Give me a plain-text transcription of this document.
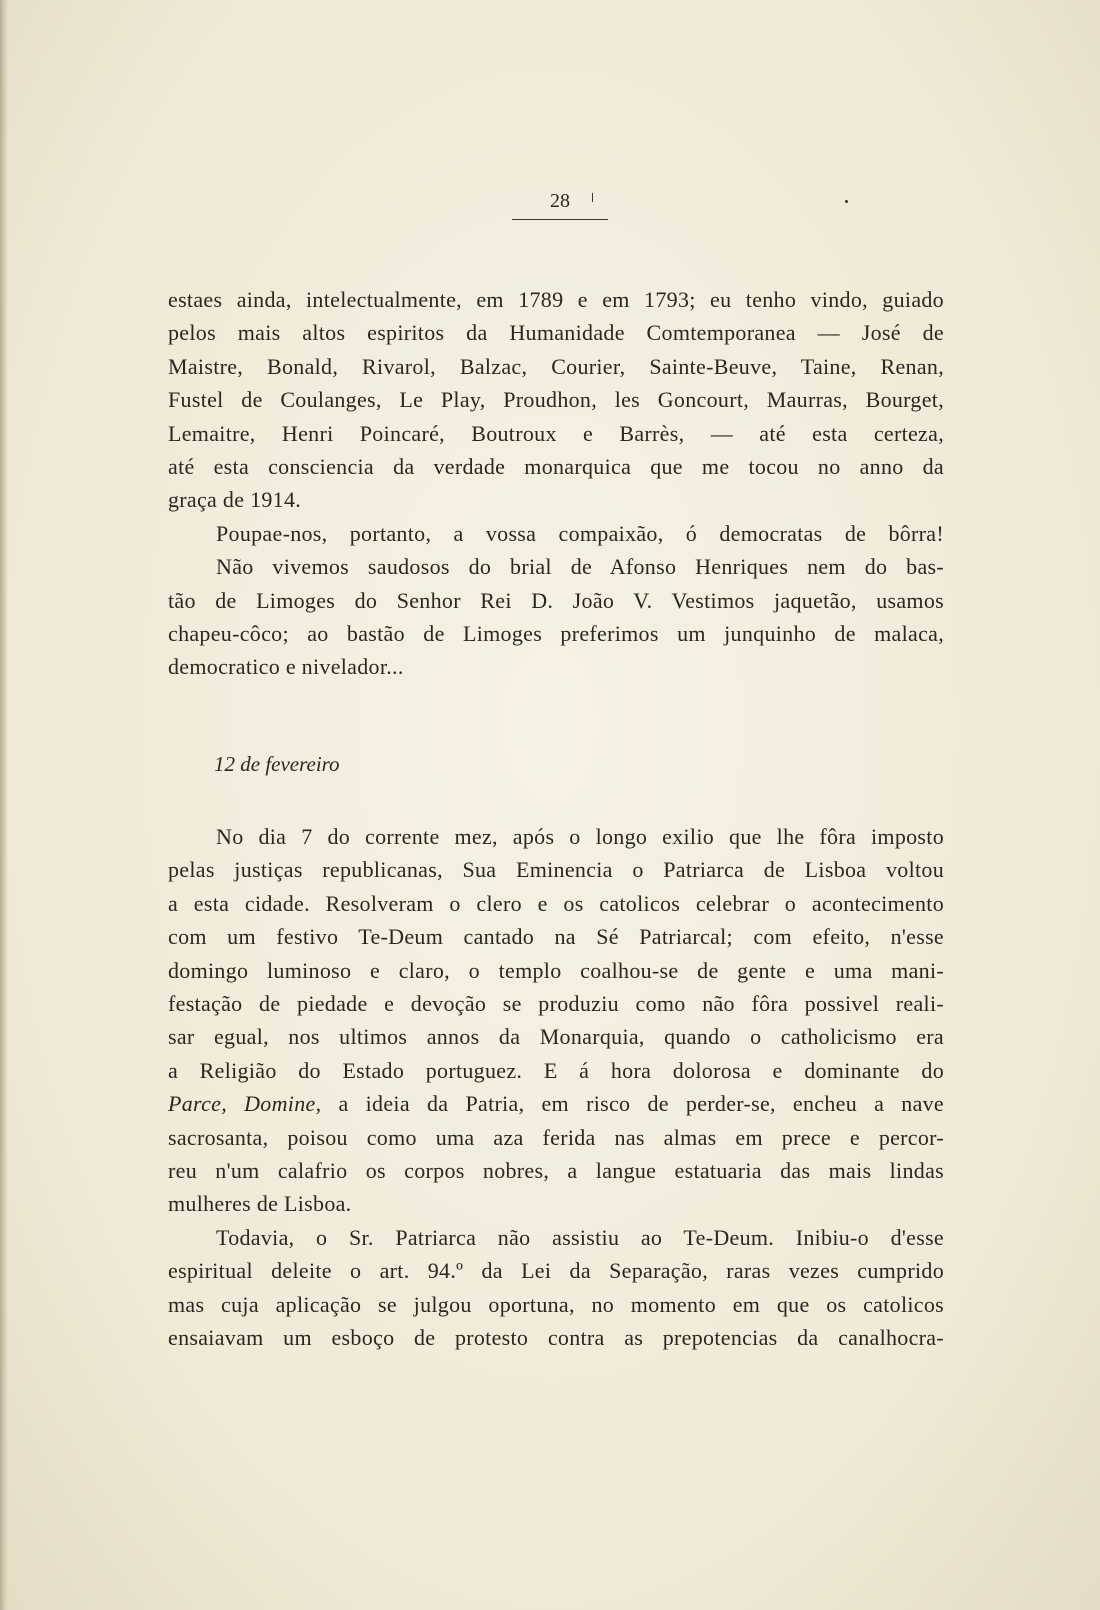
28
estaes ainda, intelectualmente, em 1789 e em 1793; eu tenho vindo, guiado
pelos mais altos espiritos da Humanidade Comtemporanea — José de
Maistre, Bonald, Rivarol, Balzac, Courier, Sainte-Beuve, Taine, Renan,
Fustel de Coulanges, Le Play, Proudhon, les Goncourt, Maurras, Bourget,
Lemaitre, Henri Poincaré, Boutroux e Barrès, — até esta certeza,
até esta consciencia da verdade monarquica que me tocou no anno da
graça de 1914.
Poupae-nos, portanto, a vossa compaixão, ó democratas de bôrra!
Não vivemos saudosos do brial de Afonso Henriques nem do bas-
tão de Limoges do Senhor Rei D. João V. Vestimos jaquetão, usamos
chapeu-côco; ao bastão de Limoges preferimos um junquinho de malaca,
democratico e nivelador...
12 de fevereiro
No dia 7 do corrente mez, após o longo exilio que lhe fôra imposto
pelas justiças republicanas, Sua Eminencia o Patriarca de Lisboa voltou
a esta cidade. Resolveram o clero e os catolicos celebrar o acontecimento
com um festivo Te-Deum cantado na Sé Patriarcal; com efeito, n'esse
domingo luminoso e claro, o templo coalhou-se de gente e uma mani-
festação de piedade e devoção se produziu como não fôra possivel reali-
sar egual, nos ultimos annos da Monarquia, quando o catholicismo era
a Religião do Estado portuguez. E á hora dolorosa e dominante do
Parce, Domine, a ideia da Patria, em risco de perder-se, encheu a nave
sacrosanta, poisou como uma aza ferida nas almas em prece e percor-
reu n'um calafrio os corpos nobres, a langue estatuaria das mais lindas
mulheres de Lisboa.
Todavia, o Sr. Patriarca não assistiu ao Te-Deum. Inibiu-o d'esse
espiritual deleite o art. 94.º da Lei da Separação, raras vezes cumprido
mas cuja aplicação se julgou oportuna, no momento em que os catolicos
ensaiavam um esboço de protesto contra as prepotencias da canalhocra-
